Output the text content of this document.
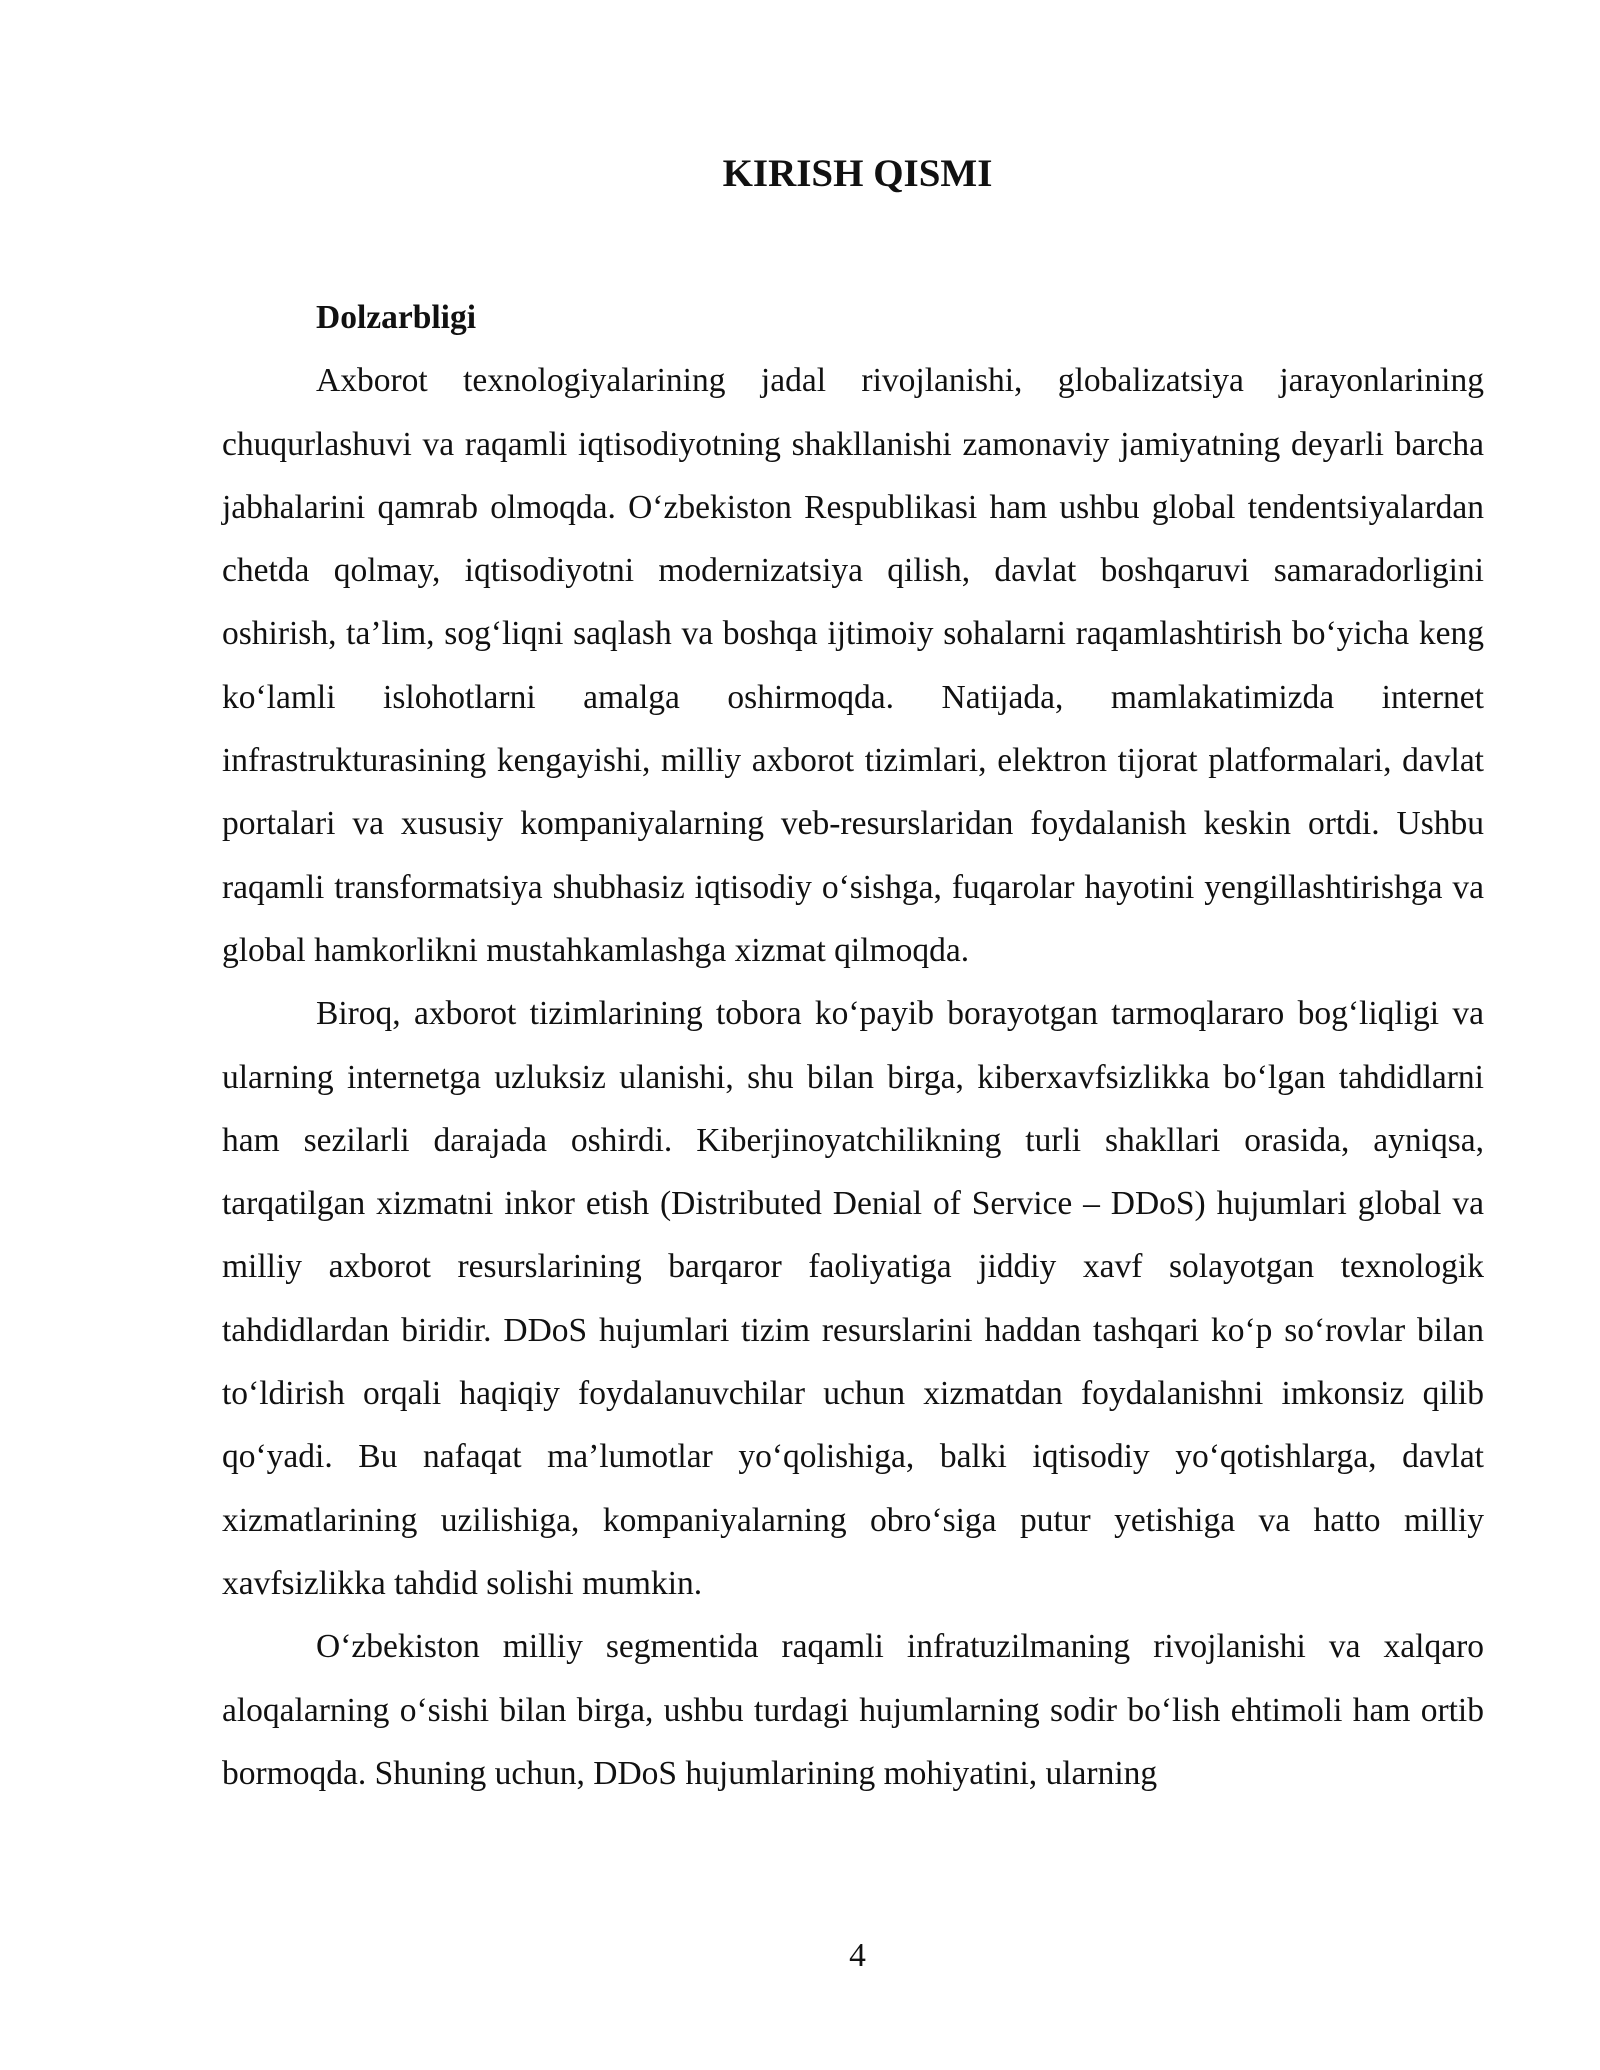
KIRISH QISMI

Dolzarbligi

Axborot texnologiyalarining jadal rivojlanishi, globalizatsiya jarayonlarining chuqurlashuvi va raqamli iqtisodiyotning shakllanishi zamonaviy jamiyatning deyarli barcha jabhalarini qamrab olmoqda. O‘zbekiston Respublikasi ham ushbu global tendentsiyalardan chetda qolmay, iqtisodiyotni modernizatsiya qilish, davlat boshqaruvi samaradorligini oshirish, ta’lim, sog‘liqni saqlash va boshqa ijtimoiy sohalarni raqamlashtirish bo‘yicha keng ko‘lamli islohotlarni amalga oshirmoqda. Natijada, mamlakatimizda internet infrastrukturasining kengayishi, milliy axborot tizimlari, elektron tijorat platformalari, davlat portalari va xususiy kompaniyalarning veb-resurslaridan foydalanish keskin ortdi. Ushbu raqamli transformatsiya shubhasiz iqtisodiy o‘sishga, fuqarolar hayotini yengillashtirishga va global hamkorlikni mustahkamlashga xizmat qilmoqda.

Biroq, axborot tizimlarining tobora ko‘payib borayotgan tarmoqlararo bog‘liqligi va ularning internetga uzluksiz ulanishi, shu bilan birga, kiberxavfsizlikka bo‘lgan tahdidlarni ham sezilarli darajada oshirdi. Kiberjinoyatchilikning turli shakllari orasida, ayniqsa, tarqatilgan xizmatni inkor etish (Distributed Denial of Service – DDoS) hujumlari global va milliy axborot resurslarining barqaror faoliyatiga jiddiy xavf solayotgan texnologik tahdidlardan biridir. DDoS hujumlari tizim resurslarini haddan tashqari ko‘p so‘rovlar bilan to‘ldirish orqali haqiqiy foydalanuvchilar uchun xizmatdan foydalanishni imkonsiz qilib qo‘yadi. Bu nafaqat ma’lumotlar yo‘qolishiga, balki iqtisodiy yo‘qotishlarga, davlat xizmatlarining uzilishiga, kompaniyalarning obro‘siga putur yetishiga va hatto milliy xavfsizlikka tahdid solishi mumkin.

O‘zbekiston milliy segmentida raqamli infratuzilmaning rivojlanishi va xalqaro aloqalarning o‘sishi bilan birga, ushbu turdagi hujumlarning sodir bo‘lish ehtimoli ham ortib bormoqda. Shuning uchun, DDoS hujumlarining mohiyatini, ularning

4
